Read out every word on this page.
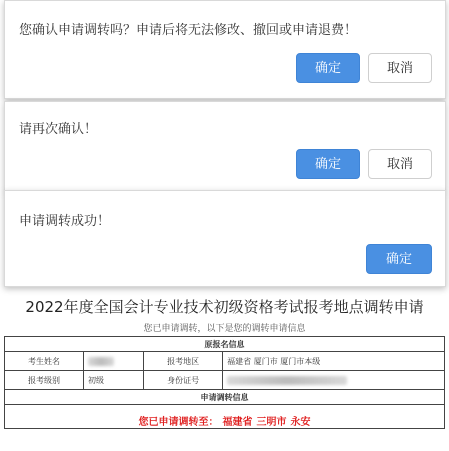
您确认申请调转吗？申请后将无法修改、撤回或申请退费！
确定	取消
请再次确认！
确定	取消
申请调转成功！
确定
2022年度全国会计专业技术初级资格考试报考地点调转申请
您已申请调转，以下是您的调转申请信息
原报名信息			
考生姓名		报考地区	福建省 厦门市 厦门市本级
报考级别	初级	身份证号	
申请调转信息			

您已申请调转至： 福建省 三明市 永安			
